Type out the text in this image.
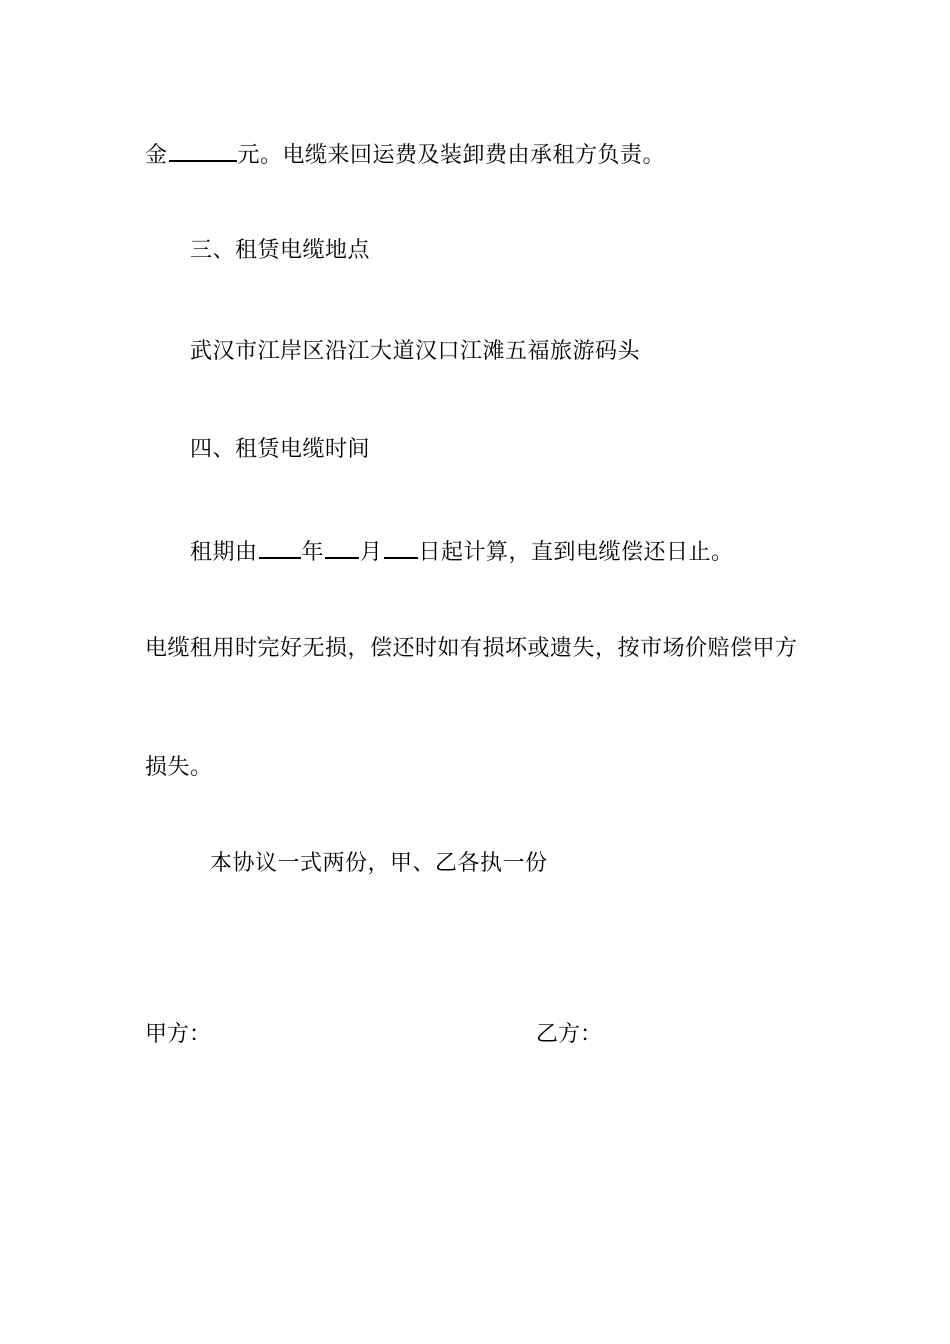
金	元。电缆来回运费及装卸费由承租方负责。
三、租赁电缆地点
武汉市江岸区沿江大道汉口江滩五福旅游码头
四、租赁电缆时间
租期由 年 月 日起计算，直到电缆偿还日止。
电缆租用时完好无损，偿还时如有损坏或遗失，按市场价赔偿甲方
损失。
本协议一式两份，甲、乙各执一份
甲方：	乙方：
